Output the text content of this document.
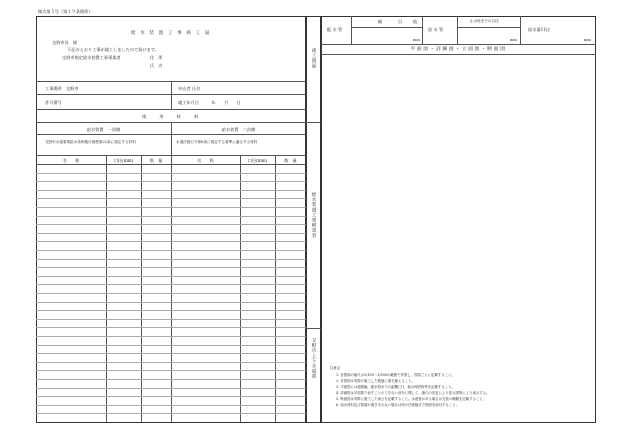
様式第５号（第１９条関係）
給 水 装 置 工 事 竣 工 届
交野市長　様
下記のとおり工事が竣工しましたので届けます。
交野市指定給水装置工事事業者	住　所
氏　名
工事場所　交野市	申込者 氏名
許可番号	竣工年月日　　　年　　月　　日
使　　用　　材　　料
給水装置　一次側	給水装置　二次側
交野市水道事業給水条例施行規程第22条に規定する材料	水道法施行令第6条に規定する基準に適合する材料
名　　称	口径(mm)	数　量	名　　称	口径(mm)	数　量
竣工図面
給水装置工事検査者
交野市上下水道部
配 水 管
幅	目	他
mm
給 水 管
止水栓までの口径
mm
給水器11径
mm
平面図・詳細図・立面図・断面図
注意点
1. 各図面の縮尺は1/100～1/500の範囲で作図し、図面ごとに記載すること。
2. 各図面は実際の施工した数値に書き換えること。
3. 平面図には道路幅、配水管までの距離(寸)、他の埋設物等を記載すること。
4. 詳細図は平面図で表すことのできない部分に関して、縮尺の変更により拡大図等により表示する。
5. 断面図は実際に施工した深さを記載すること。水道管がある場合は支管の種類を記載すること。
6. 給水材料及び図面が書ききれない場合は別の任意様式で図面を添付すること。
